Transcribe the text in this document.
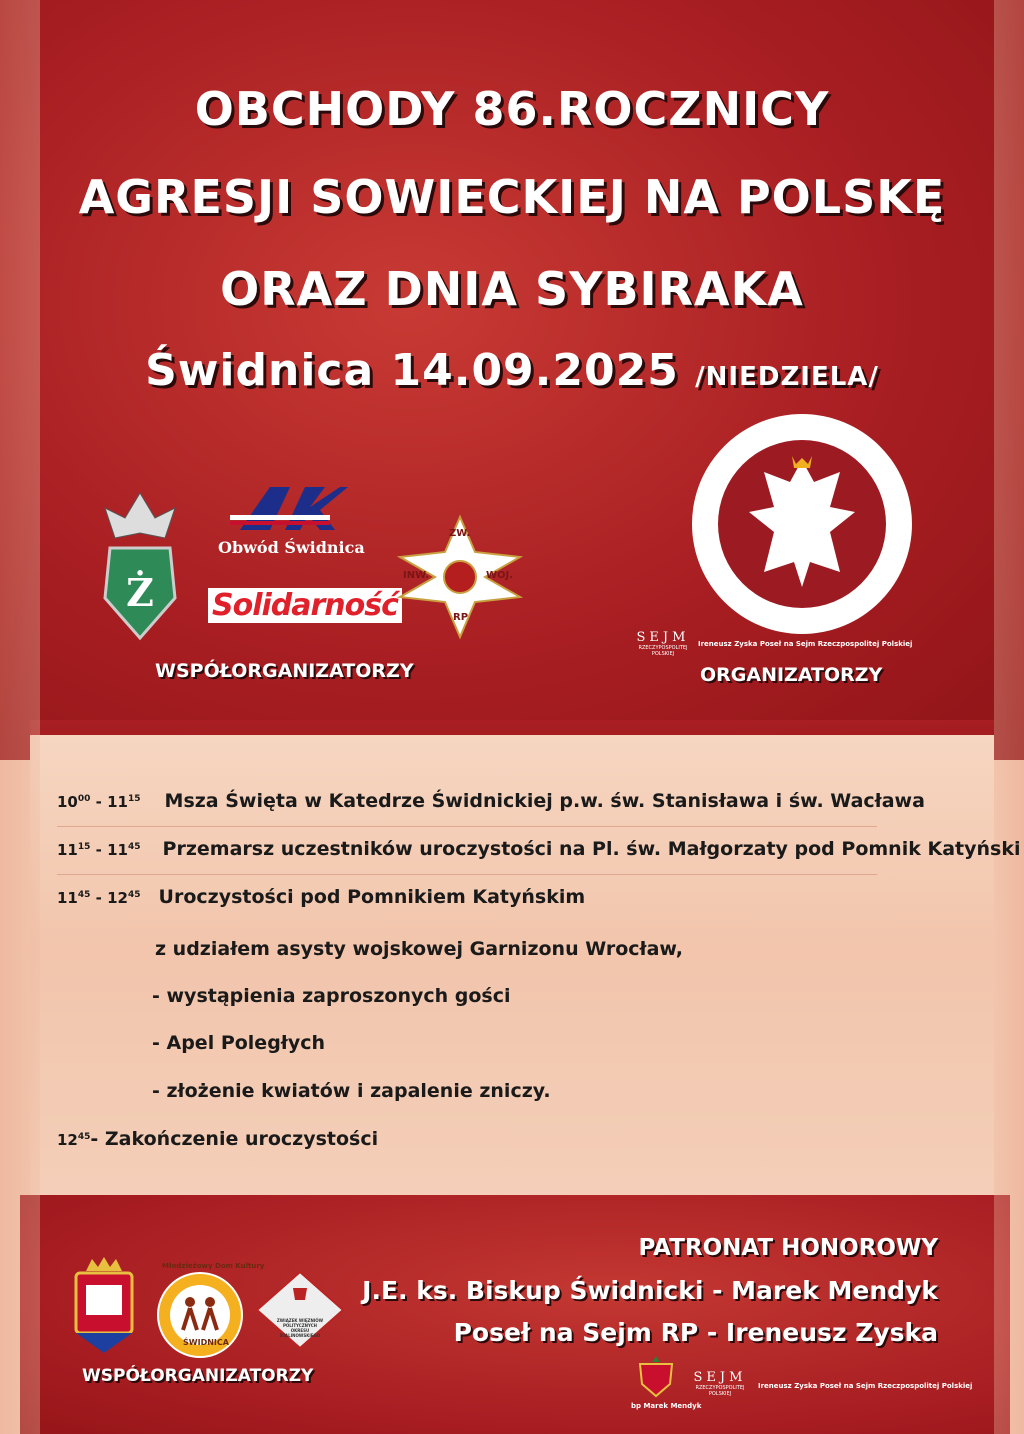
OBCHODY 86.ROCZNICY
AGRESJI SOWIECKIEJ NA POLSKĘ
ORAZ DNIA SYBIRAKA
Świdnica 14.09.2025 /NIEDZIELA/
Ż
Obwód Świdnica
Solidarność
ZW.
INW.	WOJ.
RP
WSPÓŁORGANIZATORZY
SEJM
RZECZYPOSPOLITEJ POLSKIEJ
Ireneusz Zyska Poseł na Sejm Rzeczpospolitej Polskiej
ORGANIZATORZY
$10^{00} - 11^{15}$ Msza Święta w Katedrze Świdnickiej p.w. św. Stanisława i św. Wacława
$11^{15} - 11^{45}$ Przemarsz uczestników uroczystości na Pl. św. Małgorzaty pod Pomnik Katyński
$11^{45} - 12^{45}$ Uroczystości pod Pomnikiem Katyńskim
z udziałem asysty wojskowej Garnizonu Wrocław,
- wystąpienia zaproszonych gości
- Apel Poległych
- złożenie kwiatów i zapalenie zniczy.
$12^{45}-$ Zakończenie uroczystości
Młodzieżowy Dom Kultury
ŚWIDNICA
ZWIĄZEK WIĘZNIÓW POLITYCZNYCH OKRESU STALINOWSKIEGO
WSPÓŁORGANIZATORZY
PATRONAT HONOROWY
J.E. ks. Biskup Świdnicki - Marek Mendyk
Poseł na Sejm RP - Ireneusz Zyska
bp Marek Mendyk
SEJM
RZECZYPOSPOLITEJ POLSKIEJ
Ireneusz Zyska Poseł na Sejm Rzeczpospolitej Polskiej
